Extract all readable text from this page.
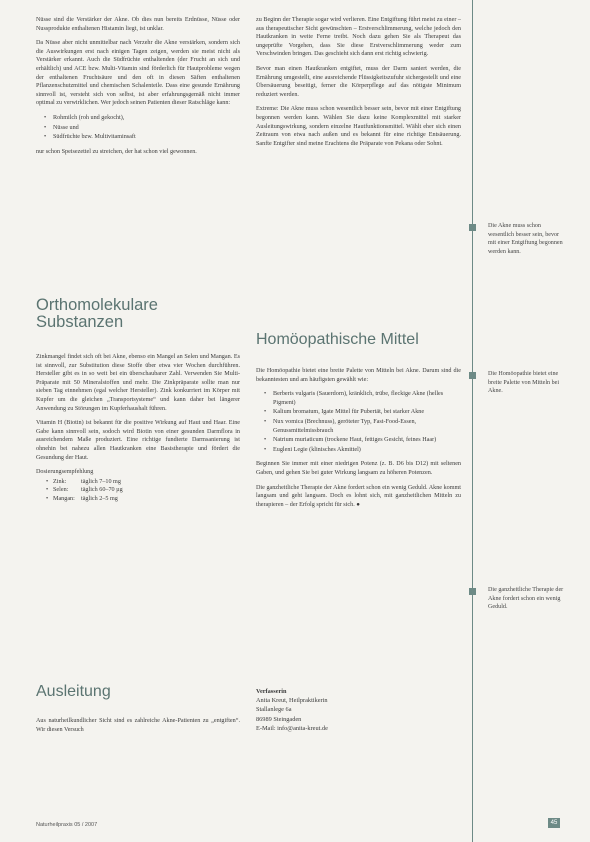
Nüsse sind die Verstärker der Akne. Ob dies nun bereits Erdnüsse, Nüsse oder Nussprodukte enthaltenen Histamin liegt, ist unklar.

Da Nüsse aber nicht unmittelbar nach Verzehr die Akne verstärken, sondern sich die Auswirkungen erst nach einigen Tagen zeigen, werden sie meist nicht als Verstärker erkannt. Auch die Südfrüchte enthaltenden (der Frucht an sich und erhältlich) und ACE bzw. Multi-Vitamin sind förderlich für Hautprobleme wegen der enthaltenen Fruchtsäure und den oft in diesen Säften enthaltenen Pflanzenschutzmittel und chemischen Schalenteile. Dass eine gesunde Ernährung sinnvoll ist, versteht sich von selbst, ist aber erfahrungsgemäß nicht immer optimal zu verwirklichen. Wer jedoch seinen Patienten dieser Ratschläge kann:

• Rohmilch (roh und gekocht),
• Nüsse und
• Südfrüchte bzw. Multivitaminsaft

nur schon Speisezettel zu streichen, der hat schon viel gewonnen.

Orthomolekulare Substanzen

Zinkmangel findet sich oft bei Akne, ebenso ein Mangel an Selen und Mangan. Es ist sinnvoll, zur Substitution diese Stoffe über etwa vier Wochen durchführen. Hersteller gibt es in so weit bei ein überschaubarer Zahl. Verwenden Sie Multi-Präparate mit 50 Mineralstoffen und mehr. Die Zinkpräparate sollte man nur sieben Tag einnehmen (egal welcher Hersteller). Zink konkurriert im Körper mit Kupfer um die gleichen „Transportsysteme“ und kann daher bei längerer Anwendung zu Störungen im Kupferhaushalt führen.

Vitamin H (Biotin) ist bekannt für die positive Wirkung auf Haut und Haar. Eine Gabe kann sinnvoll sein, sodoch wird Biotin von einer gesunden Darmflora in ausreichendem Maße produziert. Eine richtige fundierte Darmsanierung ist ohnehin bei nahezu allen Hautkranken eine Basistherapie und fördert die Gesundung der Haut.

Dosierungsempfehlung
• Zink:	täglich 7–10 mg
• Selen:	täglich 60–70 µg
• Mangan:	täglich 2–5 mg
Ausleitung

Aus naturheilkundlicher Sicht sind es zahlreiche Akne-Patienten zu „entgiften“. Wir diesen Versuch

zu Beginn der Therapie sogar wird verlieren. Eine Entgiftung führt meist zu einer – aus therapeutischer Sicht gewünschten – Erstverschlimmerung, welche jedoch den Hautkranken in weite Ferne treibt. Noch dazu gehen Sie als Therapeut das ungeprüfte Vorgehen, dass Sie diese Erstverschlimmerung weder zum Verschwinden bringen. Das geschieht sich dann erst richtig schwierig.

Bevor man einen Hautkranken entgiftet, muss der Darm saniert werden, die Ernährung umgestellt, eine ausreichende Flüssigkeitszufuhr sichergestellt und eine Übersäuerung beseitigt, ferner die Körperpflege auf das nötigste Minimum reduziert werden.

Extreme: Die Akne muss schon wesentlich besser sein, bevor mit einer Entgiftung begonnen werden kann. Wählen Sie dazu keine Komplexmittel mit starker Ausleitungswirkung, sondern einzelne Hautfunktionsmittel. Wählt eher sich einen Zeitraum von etwa nach außen und es bekannt für eine richtige Entsäuerung. Sanfte Entgifter sind meine Erachtens die Präparate von Pekana oder Sohnt.

Homöopathische Mittel

Die Homöopathie bietet eine breite Palette von Mitteln bei Akne. Darum sind die bekanntesten und am häufigsten gewählt wie:

• Berberis vulgaris (Sauerdorn), kränklich, trübe, fleckige Akne (helles Pigment)
• Kalium bromatum, Igate Mittel für Pubertät, bei starker Akne
• Nux vomica (Brechnuss), geröteter Typ, Fast-Food-Essen, Genussmittelmissbrauch
• Natrium muriaticum (trockene Haut, fettiges Gesicht, feines Haar)
• Eugleni Legie (klinisches Akmittel)

Beginnen Sie immer mit einer niedrigen Potenz (z. B. D6 bis D12) mit seltenen Gaben, und gehen Sie bei guter Wirkung langsam zu höheren Potenzen.

Die ganzheitliche Therapie der Akne fordert schon ein wenig Geduld. Akne kommt langsam und geht langsam. Doch es lohnt sich, mit ganzheitlichen Mitteln zu therapieren – der Erfolg spricht für sich. ●

Verfasserin
Anita Kreut, Heilpraktikerin
Stallanlege 6a
86989 Steingaden
E-Mail: info@anita-kreut.de
Die Akne muss schon wesentlich besser sein, bevor mit einer Entgiftung begonnen werden kann.
Die Homöopathie bietet eine breite Palette von Mitteln bei Akne.
Die ganzheitliche Therapie der Akne fordert schon ein wenig Geduld.
Naturheilpraxis 05 / 2007	45
